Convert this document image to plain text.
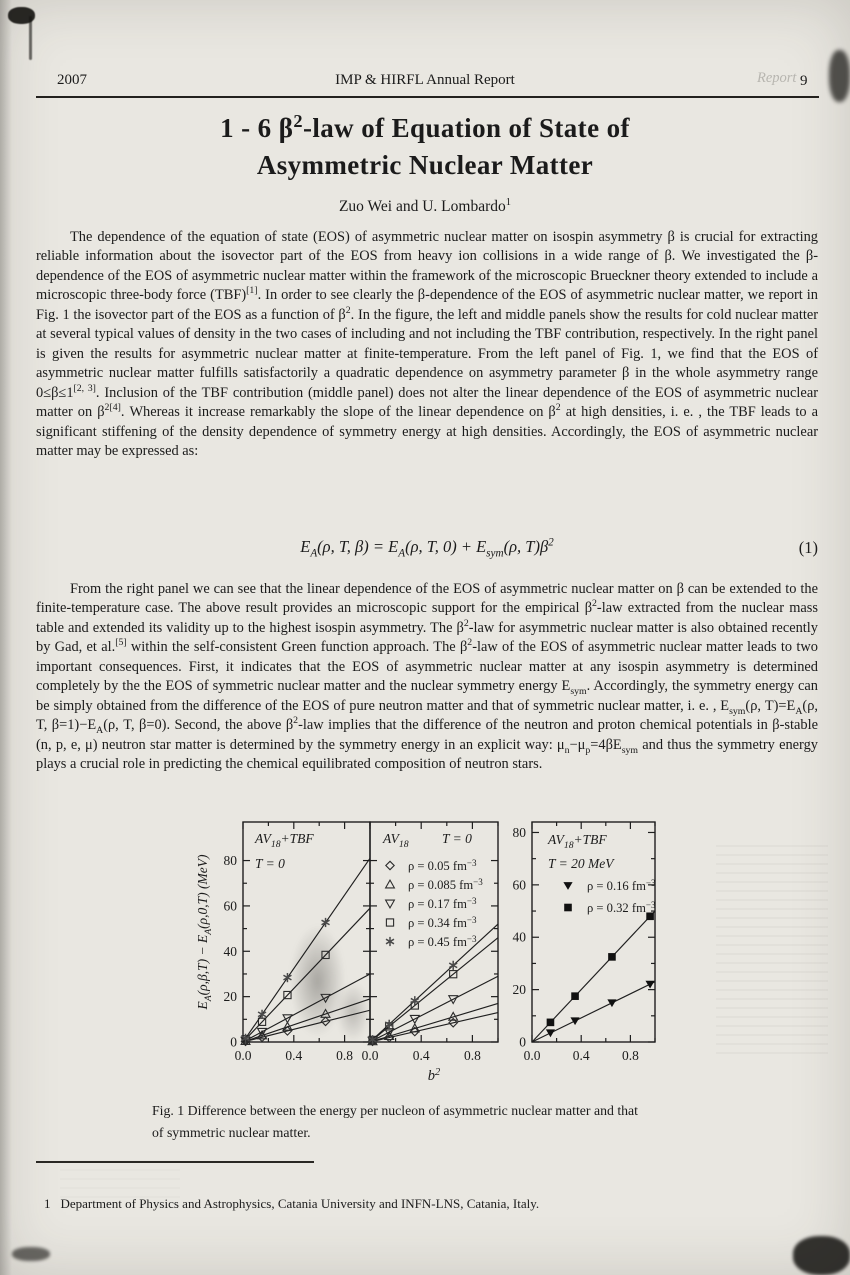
Report
2007	IMP & HIRFL Annual Report	9
1 - 6 $\beta^2$-law of Equation of State of
Asymmetric Nuclear Matter
Zuo Wei and U. Lombardo$^1$
The dependence of the equation of state (EOS) of asymmetric nuclear matter on isospin asymmetry β is crucial for extracting reliable information about the isovector part of the EOS from heavy ion collisions in a wide range of β. We investigated the β-dependence of the EOS of asymmetric nuclear matter within the framework of the microscopic Brueckner theory extended to include a microscopic three-body force (TBF)[1]. In order to see clearly the β-dependence of the EOS of asymmetric nuclear matter, we report in Fig. 1 the isovector part of the EOS as a function of $\beta^2$. In the figure, the left and middle panels show the results for cold nuclear matter at several typical values of density in the two cases of including and not including the TBF contribution, respectively. In the right panel is given the results for asymmetric nuclear matter at finite-temperature. From the left panel of Fig. 1, we find that the EOS of asymmetric nuclear matter fulfills satisfactorily a quadratic dependence on asymmetry parameter β in the whole asymmetry range 0≤β≤1[2, 3]. Inclusion of the TBF contribution (middle panel) does not alter the linear dependence of the EOS of asymmetric nuclear matter on $\beta^{2[4]}$. Whereas it increase remarkably the slope of the linear dependence on $\beta^2$ at high densities, i. e. , the TBF leads to a significant stiffening of the density dependence of symmetry energy at high densities. Accordingly, the EOS of asymmetric nuclear matter may be expressed as:
$E_A(\rho$, T, $\beta) = E_A(\rho$, T, $0) + E_{sym}(\rho$, $T)\beta^2$	(1)
From the right panel we can see that the linear dependence of the EOS of asymmetric nuclear matter on β can be extended to the finite-temperature case. The above result provides an microscopic support for the empirical $\beta^2$-law extracted from the nuclear mass table and extended its validity up to the highest isospin asymmetry. The $\beta^2$-law for asymmetric nuclear matter is also obtained recently by Gad, et al.[5] within the self-consistent Green function approach. The $\beta^2$-law of the EOS of asymmetric nuclear matter leads to two important consequences. First, it indicates that the EOS of asymmetric nuclear matter at any isospin asymmetry is determined completely by the the EOS of symmetric nuclear matter and the nuclear symmetry energy $E_{sym}$. Accordingly, the symmetry energy can be simply obtained from the difference of the EOS of pure neutron matter and that of symmetric nuclear matter, i. e. , $E_{sym}(\rho$, $T)=E_A(\rho$, T, $\beta=1)-E_A(\rho$, T, β=0). Second, the above $\beta^2$-law implies that the difference of the neutron and proton chemical potentials in β-stable (n, p, e, μ) neutron star matter is determined by the symmetry energy in an explicit way: $\mu_n-\mu_p=4\beta E_{sym}$ and thus the symmetry energy plays a crucial role in predicting the chemical equilibrated composition of neutron stars.
0.0	0.4	0.8
0
20
40
60
80
$AV_{18}+TBF$
T = 0
0.0	0.4	0.8
$AV_{18}$ T = 0
ρ = 0.05 $fm^{-3}$
ρ = 0.085 $fm^{-3}$
ρ = 0.17 $fm^{-3}$
ρ = 0.34 $fm^{-3}$
ρ = 0.45 $fm^{-3}$
0.0 0.4 0.8
0
20
40
60
80 $AV_{18}+TBF$
T = 20 MeV
ρ = 0.16 $fm^{-3}$
ρ = 0.32 $fm^{-3}$
$E_A(\rho,\beta,T) - E_A(\rho,0,T)$ (MeV)
$b^2$
Fig. 1 Difference between the energy per nucleon of asymmetric nuclear matter and that
of symmetric nuclear matter.
1 Department of Physics and Astrophysics, Catania University and INFN-LNS, Catania, Italy.
